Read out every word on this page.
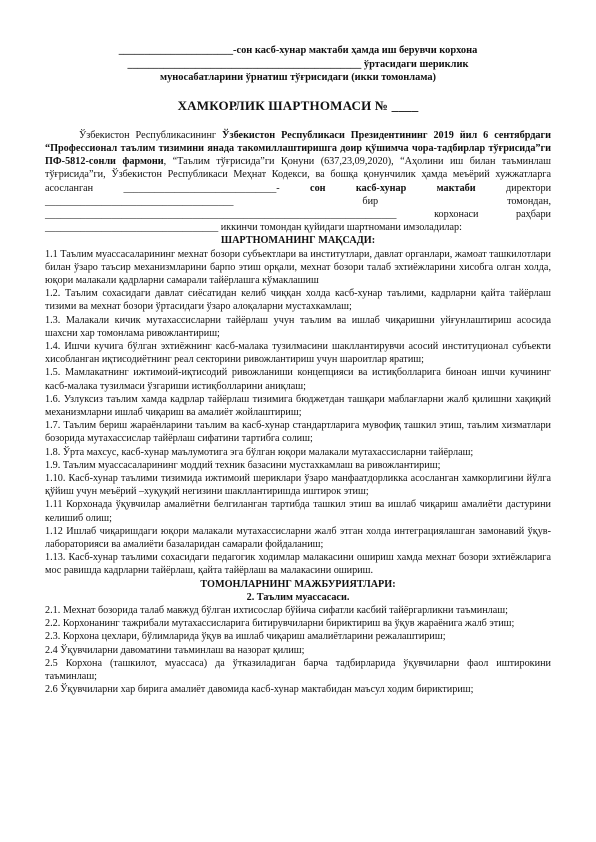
______________________-сон касб-хунар мактаби ҳамда иш берувчи корхона
_____________________________________________ ўртасидаги шериклик
муносабатларини ўрнатиш тўғрисидаги (икки томонлама)
ХАМКОРЛИК ШАРТНОМАСИ № ____
Ўзбекистон Республикасининг Ўзбекистон Республикаси Президентининг 2019 йил 6 сентябрдаги “Профессионал таълим тизимини янада такомиллаштиришга доир қўшимча чора-тадбирлар тўғрисида”ги ПФ-5812-сонли фармони, “Таълим тўғрисида”ги Қонуни (637,23,09,2020), “Аҳолини иш билан таъминлаш тўғрисида”ги, Ўзбекистон Республикаси Меҳнат Кодекси, ва бошқа қонунчилик ҳамда меъёрий хужжатларга асосланган ______________________________-	сон касб-хунар мактаби директори _____________________________________ бир томондан, _____________________________________________________________________ корхонаси раҳбари __________________________________ иккинчи томондан қуйидаги шартномани имзоладилар:
ШАРТНОМАНИНГ МАҚСАДИ:
1.1 Таълим муассасаларининг мехнат бозори субъектлари ва институтлари, давлат органлари, жамоат ташкилотлари билан ўзаро таъсир механизмларини барпо этиш орқали, мехнат бозори талаб эхтиёжларини хисобга олган холда, юқори малакали қадрларни самарали тайёрлашга кўмаклашиш
1.2. Таълим сохасидаги давлат сиёсатидан келиб чиққан холда касб-хунар таълими, кадрларни қайта тайёрлаш тизими ва мехнат бозори ўртасидаги ўзаро алоқаларни мустахкамлаш;
1.3. Малакали кичик мутахассисларни тайёрлаш учун таълим ва ишлаб чиқаришни уйғунлаштириш асосида шахсни хар томонлама ривожлантириш;
1.4. Ишчи кучига бўлган эхтиёжнинг касб-малака тузилмасини шакллантирувчи асосий институционал субъекти хисобланган иқтисодиётнинг реал секторини ривожлантириш учун шароитлар яратиш;
1.5. Мамлакатнинг ижтимоий-иқтисодий ривожланиши концепцияси ва истиқболларига биноан ишчи кучининг касб-малака тузилмаси ўзгариши истиқболларини аниқлаш;
1.6. Узлуксиз таълим хамда кадрлар тайёрлаш тизимига бюджетдан ташқари маблағларни жалб қилишни хақиқий механизмларни ишлаб чиқариш ва амалиёт жойлаштириш;
1.7. Таълим бериш жараёнларини таълим ва касб-хунар стандартларига мувофиқ ташкил этиш, таълим хизматлари бозорида мутахассислар тайёрлаш сифатини тартибга солиш;
1.8. Ўрта махсус, касб-хунар маълумотига эга бўлган юқори малакали мутахассисларни тайёрлаш;
1.9. Таълим муассасаларининг моддий техник базасини мустахкамлаш ва ривожлантириш;
1.10. Касб-хунар таълими тизимида ижтимоий шериклари ўзаро манфаатдорликка асосланган хамкорлигини йўлга қўйиш учун меъёрий –хуқуқий негизини шакллантиришда иштирок этиш;
1.11 Корхонада ўқувчилар амалиётни белгиланган тартибда ташкил этиш ва ишлаб чиқариш амалиёти дастурини келишиб олиш;
1.12 Ишлаб чиқаришдаги юқори малакали мутахассисларни жалб этган холда интеграциялашган замонавий ўқув-лабораторияси ва амалиёти базаларидан самарали фойдаланиш;
1.13. Касб-хунар таълими сохасидаги педагогик ходимлар малакасини ошириш хамда мехнат бозори эхтиёжларига мос равишда кадрларни тайёрлаш, қайта тайёрлаш ва малакасини ошириш.
ТОМОНЛАРНИНГ МАЖБУРИЯТЛАРИ:
2. Таълим муассасаси.
2.1. Мехнат бозорида талаб мавжуд бўлган ихтисослар бўйича сифатли касбий тайёргарликни таъминлаш;
2.2. Корхонанинг тажрибали мутахассисларига битирувчиларни бириктириш ва ўқув жараёнига жалб этиш;
2.3. Корхона цехлари, бўлимларида ўқув ва ишлаб чиқариш амалиётларини режалаштириш;
2.4 Ўқувчиларни давоматини таъминлаш ва назорат қилиш;
2.5 Корхона (ташкилот, муассаса) да ўтказиладиган барча тадбирларида ўқувчиларни фаол иштирокини таъминлаш;
2.6 Ўқувчиларни хар бирига амалиёт давомида касб-хунар мактабидан маъсул ходим бириктириш;
